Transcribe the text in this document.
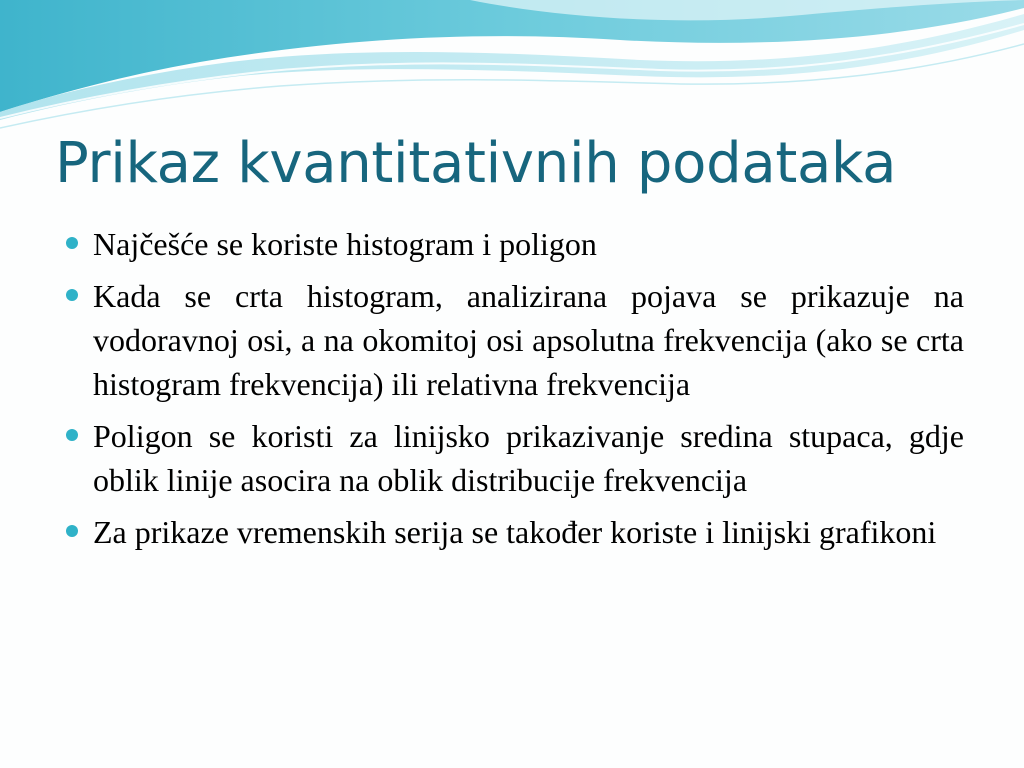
Prikaz kvantitativnih podataka
Najčešće se koriste histogram i poligon
Kada se crta histogram, analizirana pojava se prikazuje na vodoravnoj osi, a na okomitoj osi apsolutna frekvencija (ako se crta histogram frekvencija) ili relativna frekvencija
Poligon se koristi za linijsko prikazivanje sredina stupaca, gdje oblik linije asocira na oblik distribucije frekvencija
Za prikaze vremenskih serija se također koriste i linijski grafikoni
